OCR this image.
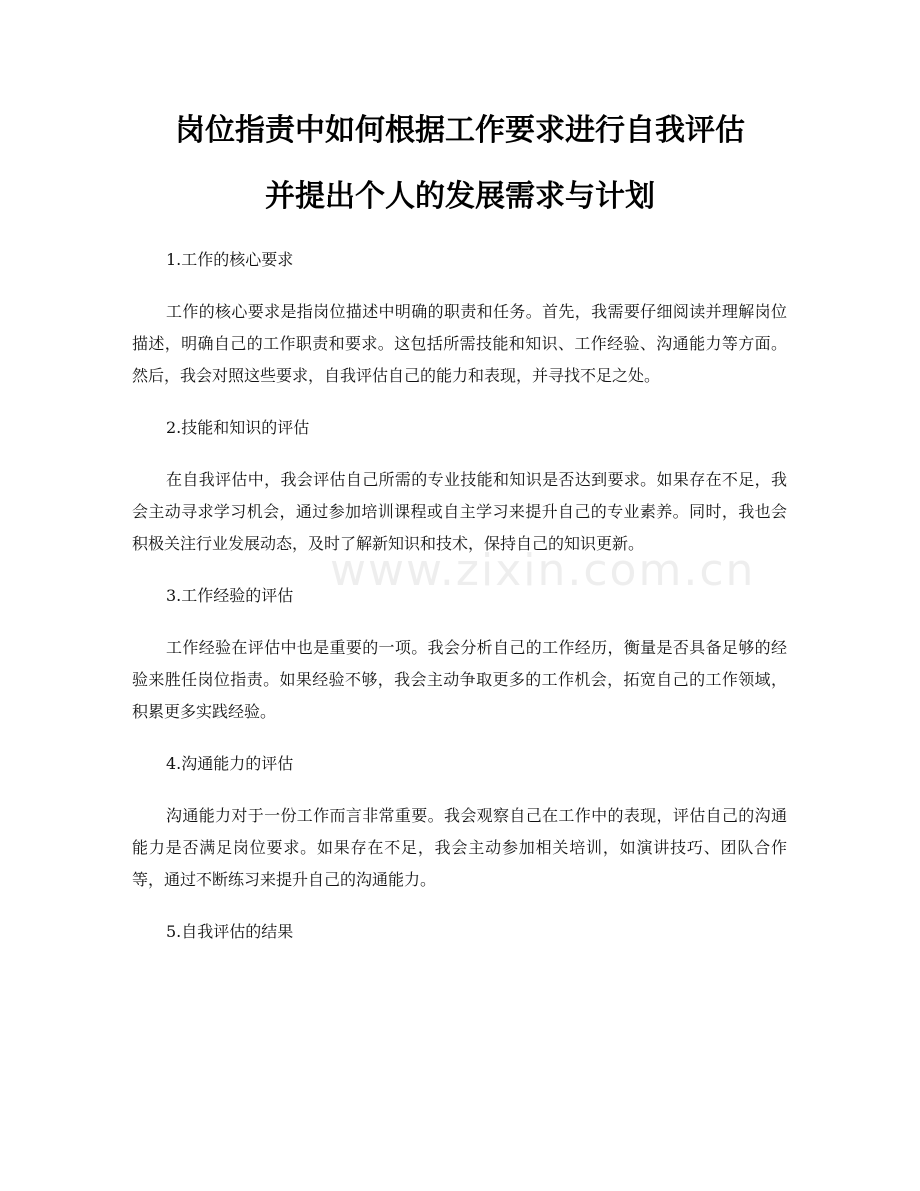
岗位指责中如何根据工作要求进行自我评估
并提出个人的发展需求与计划
www.zixin.com.cn

1.工作的核心要求

工作的核心要求是指岗位描述中明确的职责和任务。首先，我需要仔细阅读并理解岗位描述，明确自己的工作职责和要求。这包括所需技能和知识、工作经验、沟通能力等方面。然后，我会对照这些要求，自我评估自己的能力和表现，并寻找不足之处。

2.技能和知识的评估

在自我评估中，我会评估自己所需的专业技能和知识是否达到要求。如果存在不足，我会主动寻求学习机会，通过参加培训课程或自主学习来提升自己的专业素养。同时，我也会积极关注行业发展动态，及时了解新知识和技术，保持自己的知识更新。

3.工作经验的评估

工作经验在评估中也是重要的一项。我会分析自己的工作经历，衡量是否具备足够的经验来胜任岗位指责。如果经验不够，我会主动争取更多的工作机会，拓宽自己的工作领域，积累更多实践经验。

4.沟通能力的评估

沟通能力对于一份工作而言非常重要。我会观察自己在工作中的表现，评估自己的沟通能力是否满足岗位要求。如果存在不足，我会主动参加相关培训，如演讲技巧、团队合作等，通过不断练习来提升自己的沟通能力。

5.自我评估的结果
